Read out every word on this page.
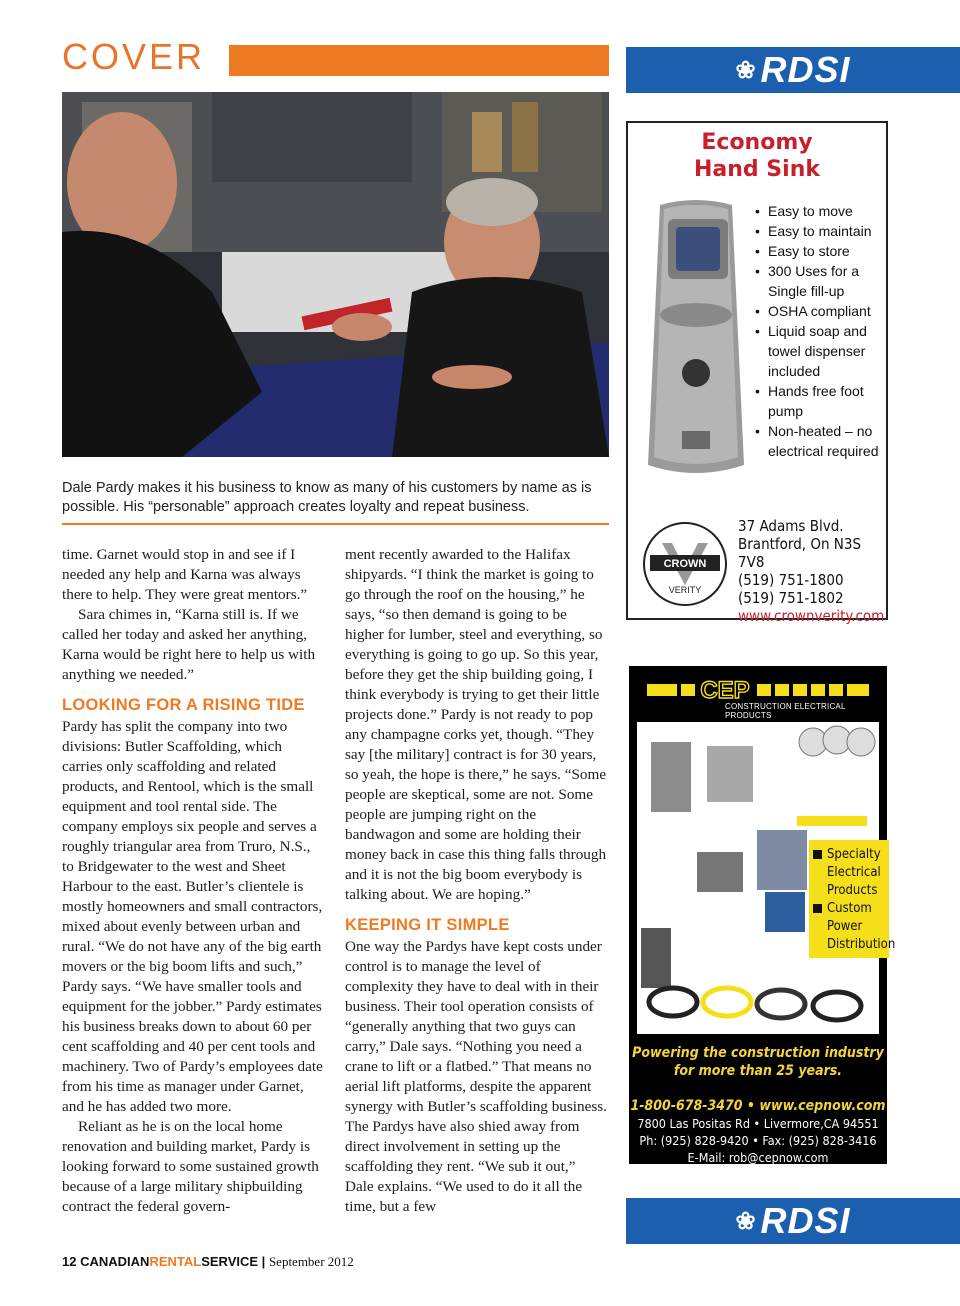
COVER
Dale Pardy makes it his business to know as many of his customers by name as is possible. His “personable” approach creates loyalty and repeat business.

time. Garnet would stop in and see if I needed any help and Karna was always there to help. They were great mentors.”

Sara chimes in, “Karna still is. If we called her today and asked her anything, Karna would be right here to help us with anything we needed.”

LOOKING FOR A RISING TIDE

Pardy has split the company into two divisions: Butler Scaffolding, which carries only scaffolding and related products, and Rentool, which is the small equipment and tool rental side. The company employs six people and serves a roughly triangular area from Truro, N.S., to Bridgewater to the west and Sheet Harbour to the east. Butler’s clientele is mostly homeowners and small contractors, mixed about evenly between urban and rural. “We do not have any of the big earth movers or the big boom lifts and such,” Pardy says. “We have smaller tools and equipment for the jobber.” Pardy estimates his business breaks down to about 60 per cent scaffolding and 40 per cent tools and machinery. Two of Pardy’s employees date from his time as manager under Garnet, and he has added two more.

Reliant as he is on the local home renovation and building market, Pardy is looking forward to some sustained growth because of a large military shipbuilding contract the federal govern-

ment recently awarded to the Halifax shipyards. “I think the market is going to go through the roof on the housing,” he says, “so then demand is going to be higher for lumber, steel and everything, so everything is going to go up. So this year, before they get the ship building going, I think everybody is trying to get their little projects done.” Pardy is not ready to pop any champagne corks yet, though. “They say [the military] contract is for 30 years, so yeah, the hope is there,” he says. “Some people are skeptical, some are not. Some people are jumping right on the bandwagon and some are holding their money back in case this thing falls through and it is not the big boom everybody is talking about. We are hoping.”

KEEPING IT SIMPLE

One way the Pardys have kept costs under control is to manage the level of complexity they have to deal with in their business. Their tool operation consists of “generally anything that two guys can carry,” Dale says. “Nothing you need a crane to lift or a flatbed.” That means no aerial lift platforms, despite the apparent synergy with Butler’s scaffolding business. The Pardys have also shied away from direct involvement in setting up the scaffolding they rent. “We sub it out,” Dale explains. “We used to do it all the time, but a few

12 CANADIANRENTALSERVICE | September 2012
❀ RDSI
Economy
Hand Sink
• Easy to move
• Easy to maintain
• Easy to store
• 300 Uses for a Single fill-up
• OSHA compliant
• Liquid soap and towel dispenser included
• Hands free foot pump
• Non-heated – no electrical required
CROWN
VERITY
37 Adams Blvd.
Brantford, On N3S 7V8
(519) 751-1800
(519) 751-1802
www.crownverity.com
CEP
CONSTRUCTION ELECTRICAL PRODUCTS
Specialty Electrical Products
Custom Power Distribution
Powering the construction industry
for more than 25 years.
1-800-678-3470 • www.cepnow.com
7800 Las Positas Rd • Livermore,CA 94551
Ph: (925) 828-9420 • Fax: (925) 828-3416
E-Mail: rob@cepnow.com
❀ RDSI
